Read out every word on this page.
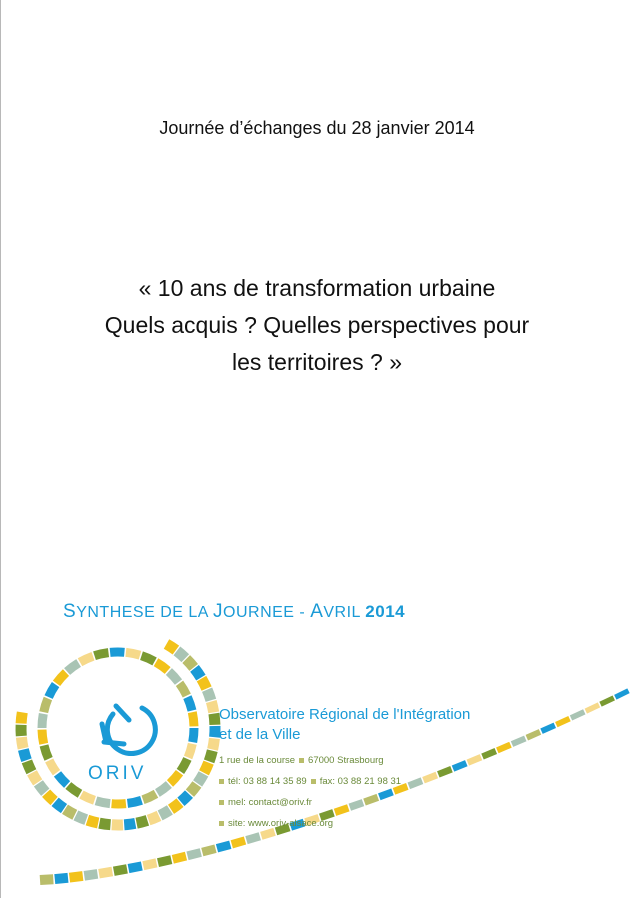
Journée d’échanges du 28 janvier 2014
« 10 ans de transformation urbaine
Quels acquis ? Quelles perspectives pour
les territoires ? »
SYNTHESE DE LA JOURNEE - AVRIL 2014
ORIV
Observatoire Régional de l'Intégration
et de la Ville
1 rue de la course 67000 Strasbourg
tél: 03 88 14 35 89 fax: 03 88 21 98 31
mel: contact@oriv.fr
site: www.oriv-alsace.org
